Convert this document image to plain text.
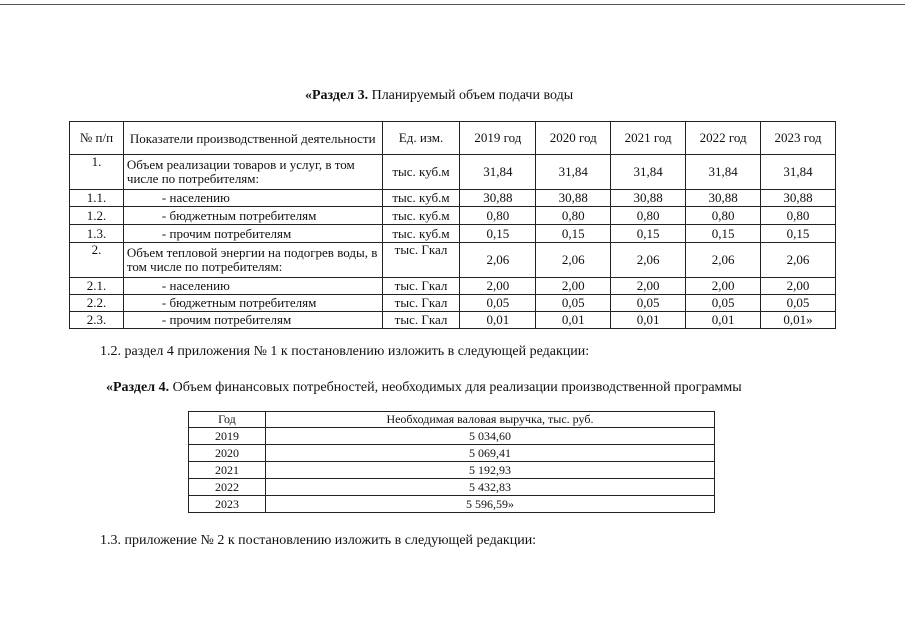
«Раздел 3. Планируемый объем подачи воды
№ п/п	Показатели производственной деятельности	Ед. изм.	2019 год	2020 год	2021 год	2022 год	2023 год
1.	Объем реализации товаров и услуг, в том числе по потребителям:	тыс. куб.м	31,84	31,84	31,84	31,84	31,84
1.1.	- населению	тыс. куб.м	30,88	30,88	30,88	30,88	30,88
1.2.	- бюджетным потребителям	тыс. куб.м	0,80	0,80	0,80	0,80	0,80
1.3.	- прочим потребителям	тыс. куб.м	0,15	0,15	0,15	0,15	0,15
2.	Объем тепловой энергии на подогрев воды, в том числе по потребителям:	тыс. Гкал	2,06	2,06	2,06	2,06	2,06
2.1.	- населению	тыс. Гкал	2,00	2,00	2,00	2,00	2,00
2.2.	- бюджетным потребителям	тыс. Гкал	0,05	0,05	0,05	0,05	0,05
2.3.	- прочим потребителям	тыс. Гкал	0,01	0,01	0,01	0,01	0,01»
1.2. раздел 4 приложения № 1 к постановлению изложить в следующей редакции:
«Раздел 4. Объем финансовых потребностей, необходимых для реализации производственной программы
Год	Необходимая валовая выручка, тыс. руб.
2019	5 034,60
2020	5 069,41
2021	5 192,93
2022	5 432,83
2023	5 596,59»
1.3. приложение № 2 к постановлению изложить в следующей редакции:
